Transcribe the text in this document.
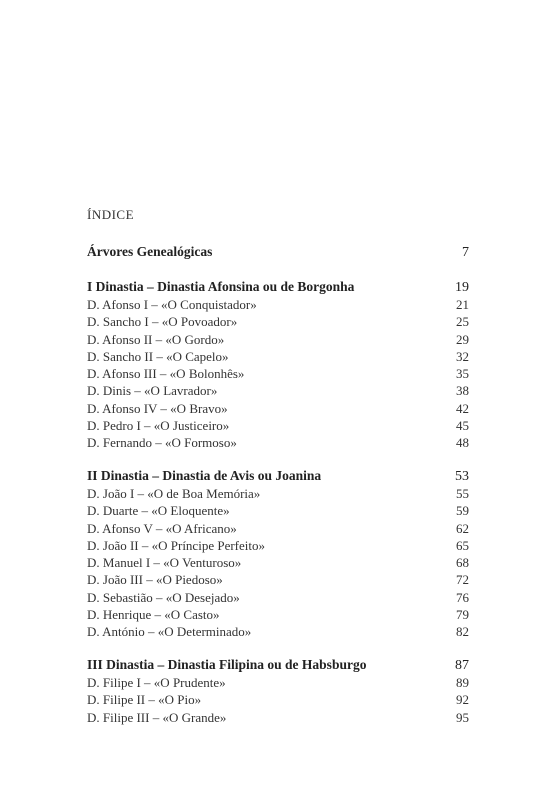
ÍNDICE
Árvores Genealógicas	7
I Dinastia – Dinastia Afonsina ou de Borgonha	19
D. Afonso I – «O Conquistador»	21
D. Sancho I – «O Povoador»	25
D. Afonso II – «O Gordo»	29
D. Sancho II – «O Capelo»	32
D. Afonso III – «O Bolonhês»	35
D. Dinis – «O Lavrador»	38
D. Afonso IV – «O Bravo»	42
D. Pedro I – «O Justiceiro»	45
D. Fernando – «O Formoso»	48
II Dinastia – Dinastia de Avis ou Joanina	53
D. João I – «O de Boa Memória»	55
D. Duarte – «O Eloquente»	59
D. Afonso V – «O Africano»	62
D. João II – «O Príncipe Perfeito»	65
D. Manuel I – «O Venturoso»	68
D. João III – «O Piedoso»	72
D. Sebastião – «O Desejado»	76
D. Henrique – «O Casto»	79
D. António – «O Determinado»	82
III Dinastia – Dinastia Filipina ou de Habsburgo	87
D. Filipe I – «O Prudente»	89
D. Filipe II – «O Pio»	92
D. Filipe III – «O Grande»	95
